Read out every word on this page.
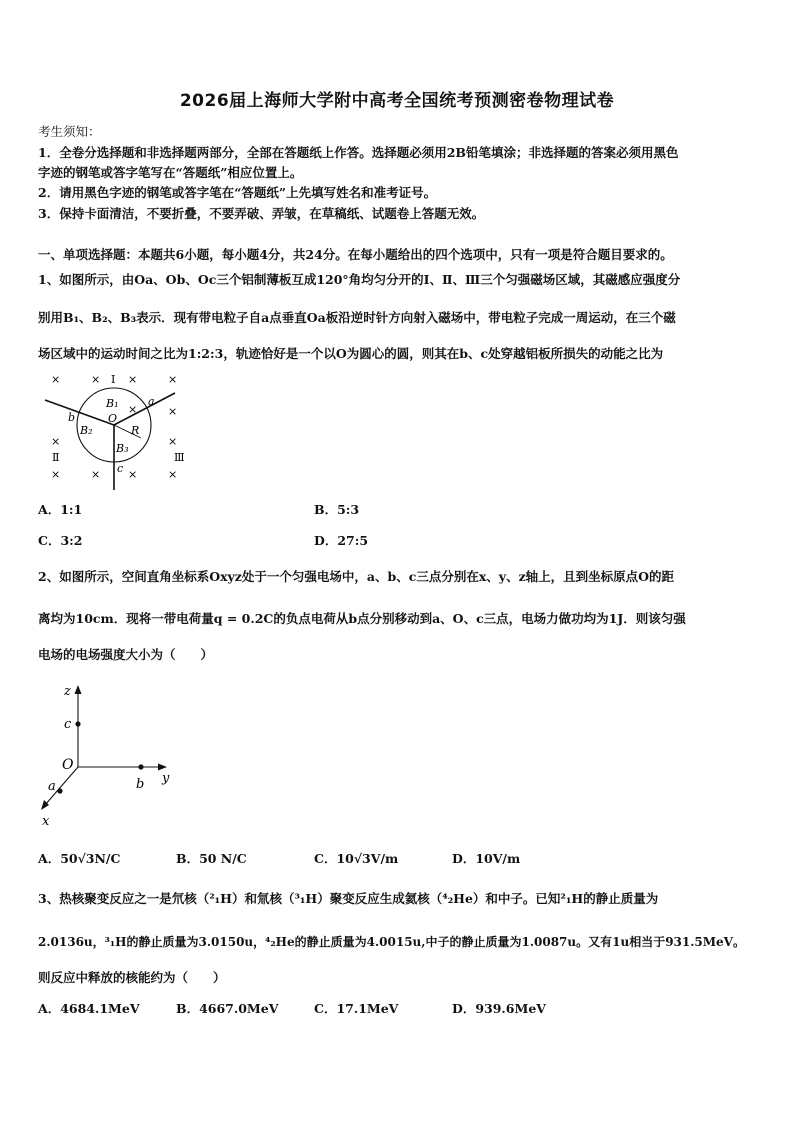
2026届上海师大学附中高考全国统考预测密卷物理试卷
考生须知：
1．全卷分选择题和非选择题两部分，全部在答题纸上作答。选择题必须用2B铅笔填涂；非选择题的答案必须用黑色
字迹的钢笔或答字笔写在“答题纸”相应位置上。
2．请用黑色字迹的钢笔或答字笔在“答题纸”上先填写姓名和准考证号。
3．保持卡面清洁，不要折叠，不要弄破、弄皱，在草稿纸、试题卷上答题无效。
一、单项选择题：本题共6小题，每小题4分，共24分。在每小题给出的四个选项中，只有一项是符合题目要求的。
1、如图所示，由Oa、Ob、Oc三个铝制薄板互成120°角均匀分开的Ⅰ、Ⅱ、Ⅲ三个匀强磁场区域，其磁感应强度分
别用B₁、B₂、B₃表示．现有带电粒子自a点垂直Oa板沿逆时针方向射入磁场中，带电粒子完成一周运动，在三个磁
场区域中的运动时间之比为1:2:3，轨迹恰好是一个以O为圆心的圆，则其在b、c处穿越铝板所损失的动能之比为
×	×	×	×
×	×
×	×
×	×	×	×
Ⅰ
Ⅱ	Ⅲ
B₁
B₂
B₃
O
R
a
b
c
A．1:1	B．5:3
C．3:2	D．27:5
2、如图所示，空间直角坐标系Oxyz处于一个匀强电场中，a、b、c三点分别在x、y、z轴上，且到坐标原点O的距
离均为10cm．现将一带电荷量q = 0.2C的负点电荷从b点分别移动到a、O、c三点，电场力做功均为1J．则该匀强
电场的电场强度大小为（　　）
z
y
x
O
c
b
a
A．50√3N/C	B．50 N/C	C．10√3V/m	D．10V/m
3、热核聚变反应之一是氘核（²₁H）和氚核（³₁H）聚变反应生成氦核（⁴₂He）和中子。已知²₁H的静止质量为
2.0136u，³₁H的静止质量为3.0150u，⁴₂He的静止质量为4.0015u,中子的静止质量为1.0087u。又有1u相当于931.5MeV。
则反应中释放的核能约为（　　）
A．4684.1MeV	B．4667.0MeV	C．17.1MeV	D．939.6MeV
